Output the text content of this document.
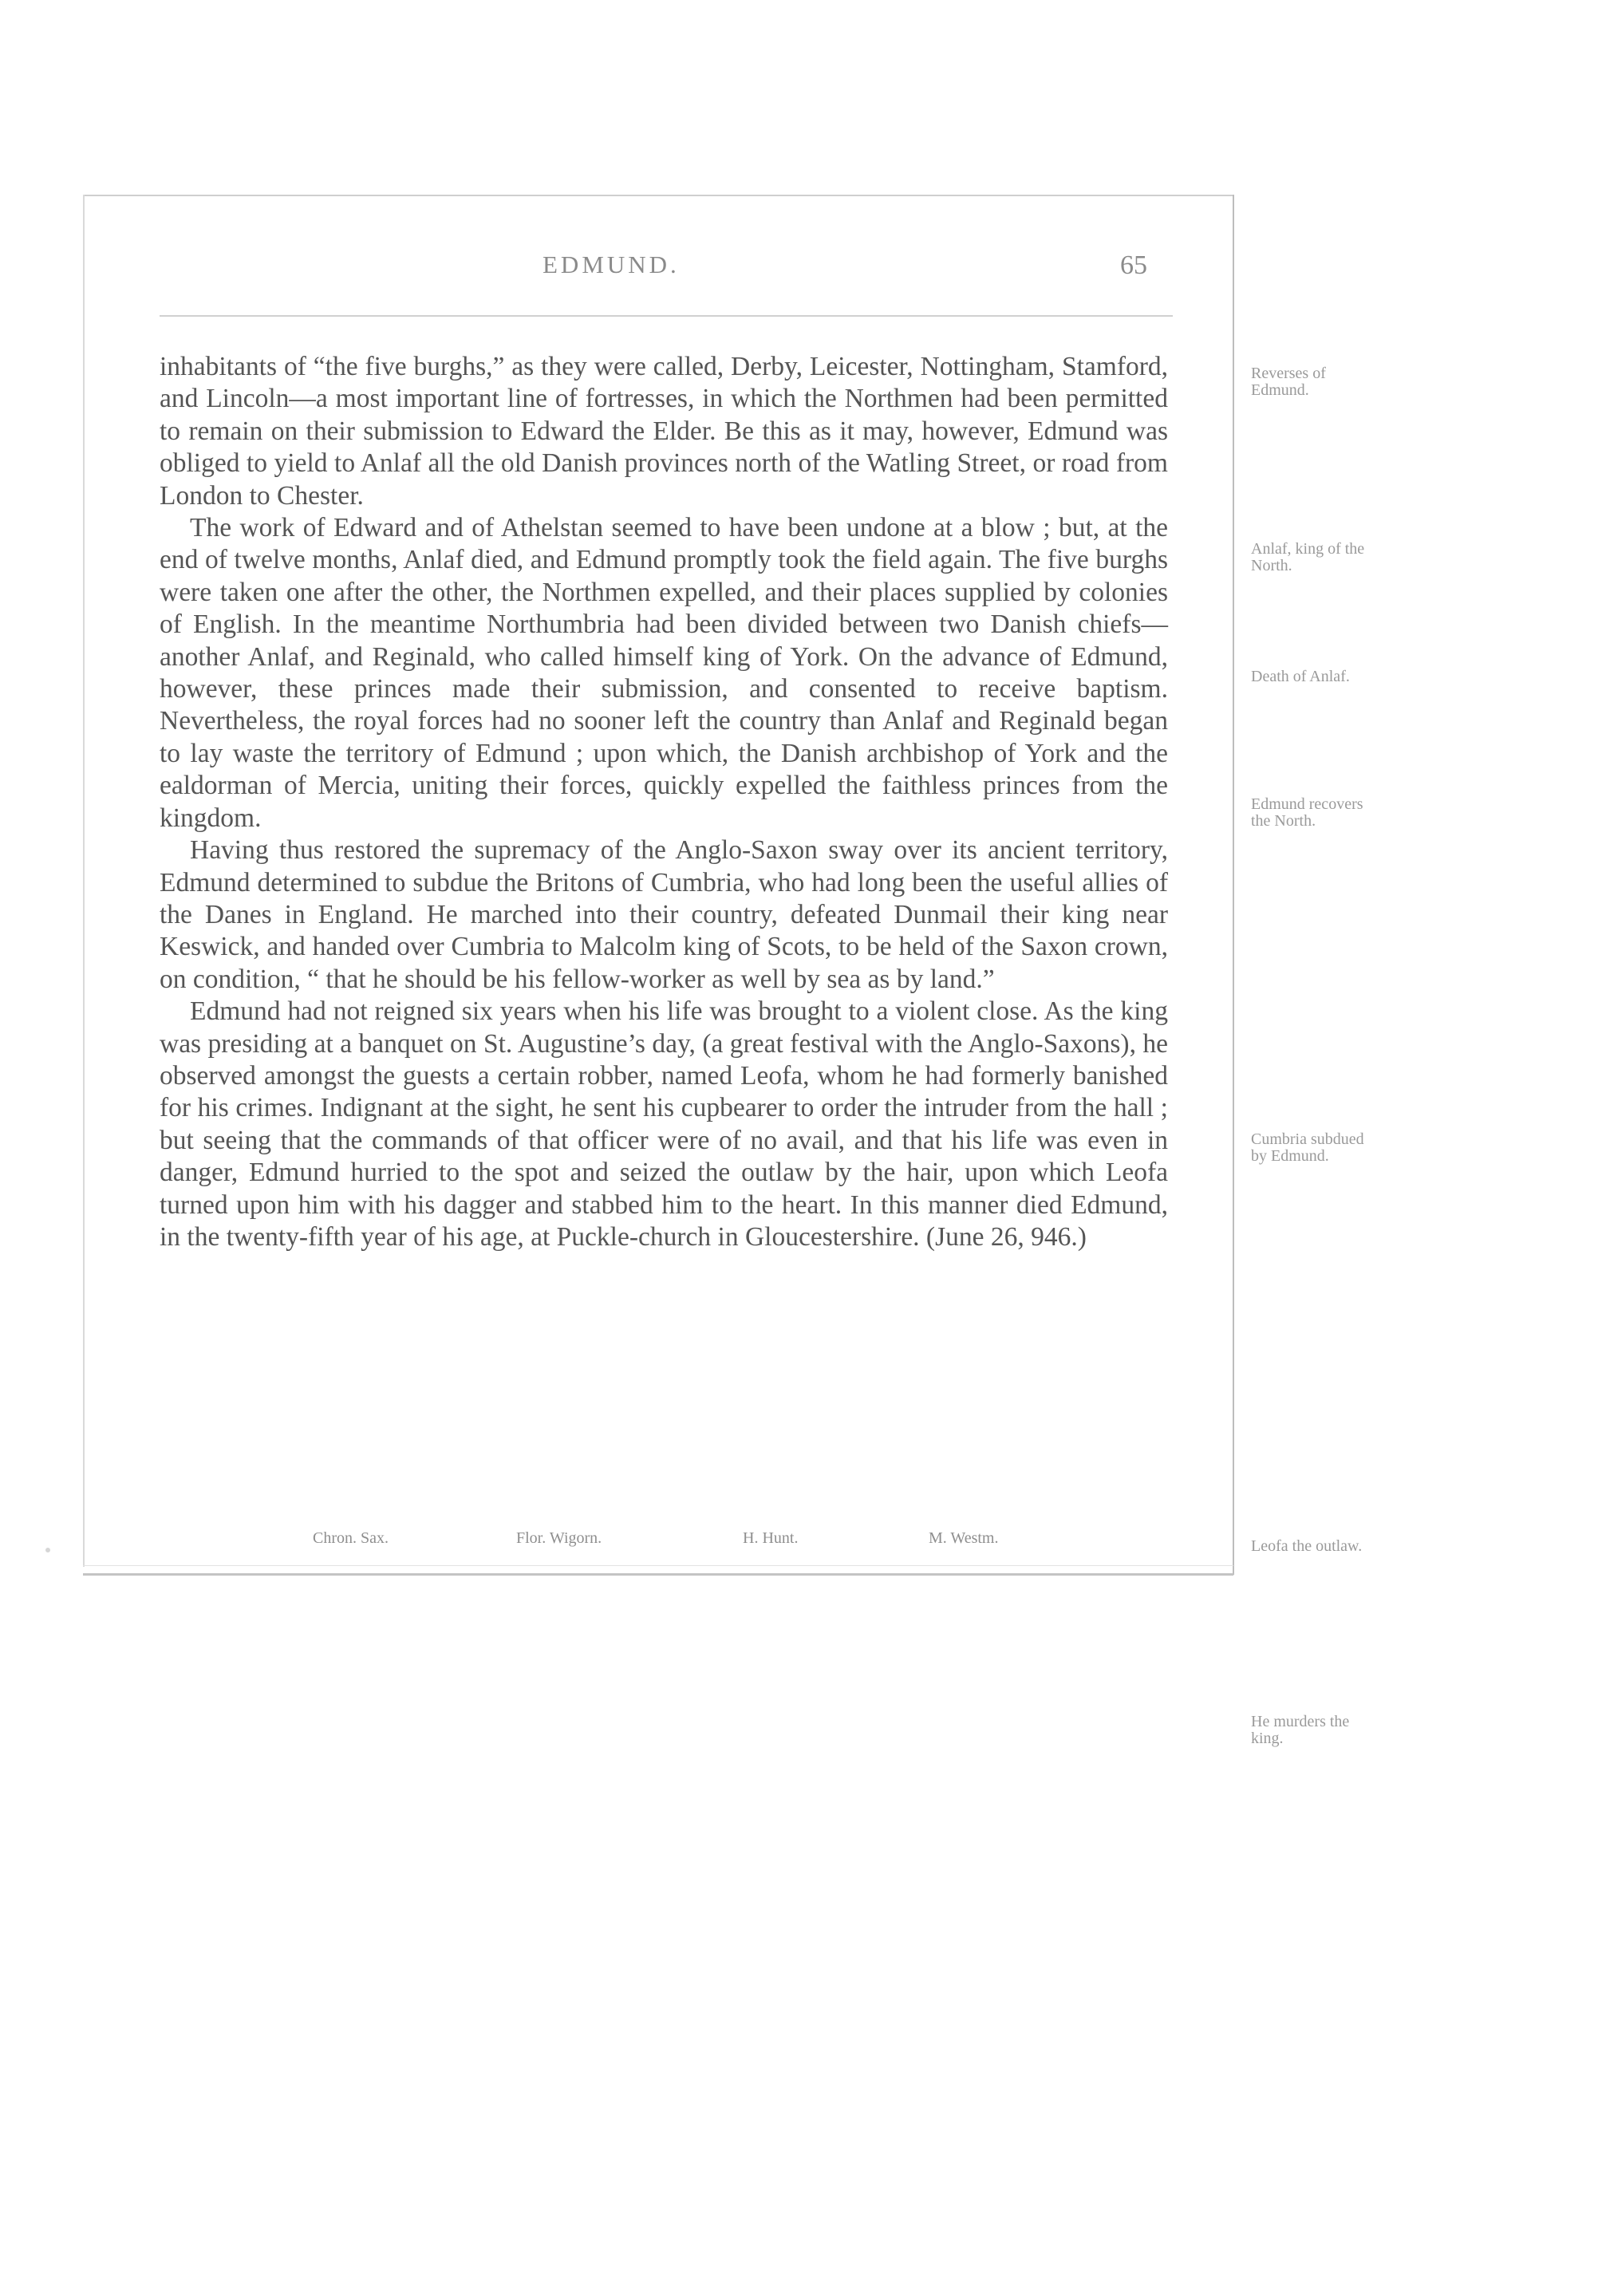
EDMUND.	65

inhabitants of “the five burghs,” as they were called, Derby, Leicester, Nottingham, Stamford, and Lincoln—a most important line of fortresses, in which the Northmen had been permitted to remain on their submission to Edward the Elder. Be this as it may, however, Edmund was obliged to yield to Anlaf all the old Danish provinces north of the Watling Street, or road from London to Chester.

The work of Edward and of Athelstan seemed to have been undone at a blow ; but, at the end of twelve months, Anlaf died, and Edmund promptly took the field again. The five burghs were taken one after the other, the Northmen expelled, and their places supplied by colonies of English. In the meantime Northumbria had been divided between two Danish chiefs—another Anlaf, and Reginald, who called himself king of York. On the advance of Edmund, however, these princes made their submission, and consented to receive baptism. Nevertheless, the royal forces had no sooner left the country than Anlaf and Reginald began to lay waste the territory of Edmund ; upon which, the Danish archbishop of York and the ealdorman of Mercia, uniting their forces, quickly expelled the faithless princes from the kingdom.

Having thus restored the supremacy of the Anglo-Saxon sway over its ancient territory, Edmund determined to subdue the Britons of Cumbria, who had long been the useful allies of the Danes in England. He marched into their country, defeated Dunmail their king near Keswick, and handed over Cumbria to Malcolm king of Scots, to be held of the Saxon crown, on condition, “ that he should be his fellow-worker as well by sea as by land.”

Edmund had not reigned six years when his life was brought to a violent close. As the king was presiding at a banquet on St. Augustine’s day, (a great festival with the Anglo-Saxons), he observed amongst the guests a certain robber, named Leofa, whom he had formerly banished for his crimes. Indignant at the sight, he sent his cupbearer to order the intruder from the hall ; but seeing that the commands of that officer were of no avail, and that his life was even in danger, Edmund hurried to the spot and seized the outlaw by the hair, upon which Leofa turned upon him with his dagger and stabbed him to the heart. In this manner died Edmund, in the twenty-fifth year of his age, at Puckle-church in Gloucestershire. (June 26, 946.)

Reverses of Edmund.
Anlaf, king of the North.
Death of Anlaf.
Edmund recovers the North.
Cumbria subdued by Edmund.
Leofa the outlaw.
He murders the king.
Chron. Sax.	Flor. Wigorn.	H. Hunt.	M. Westm.
